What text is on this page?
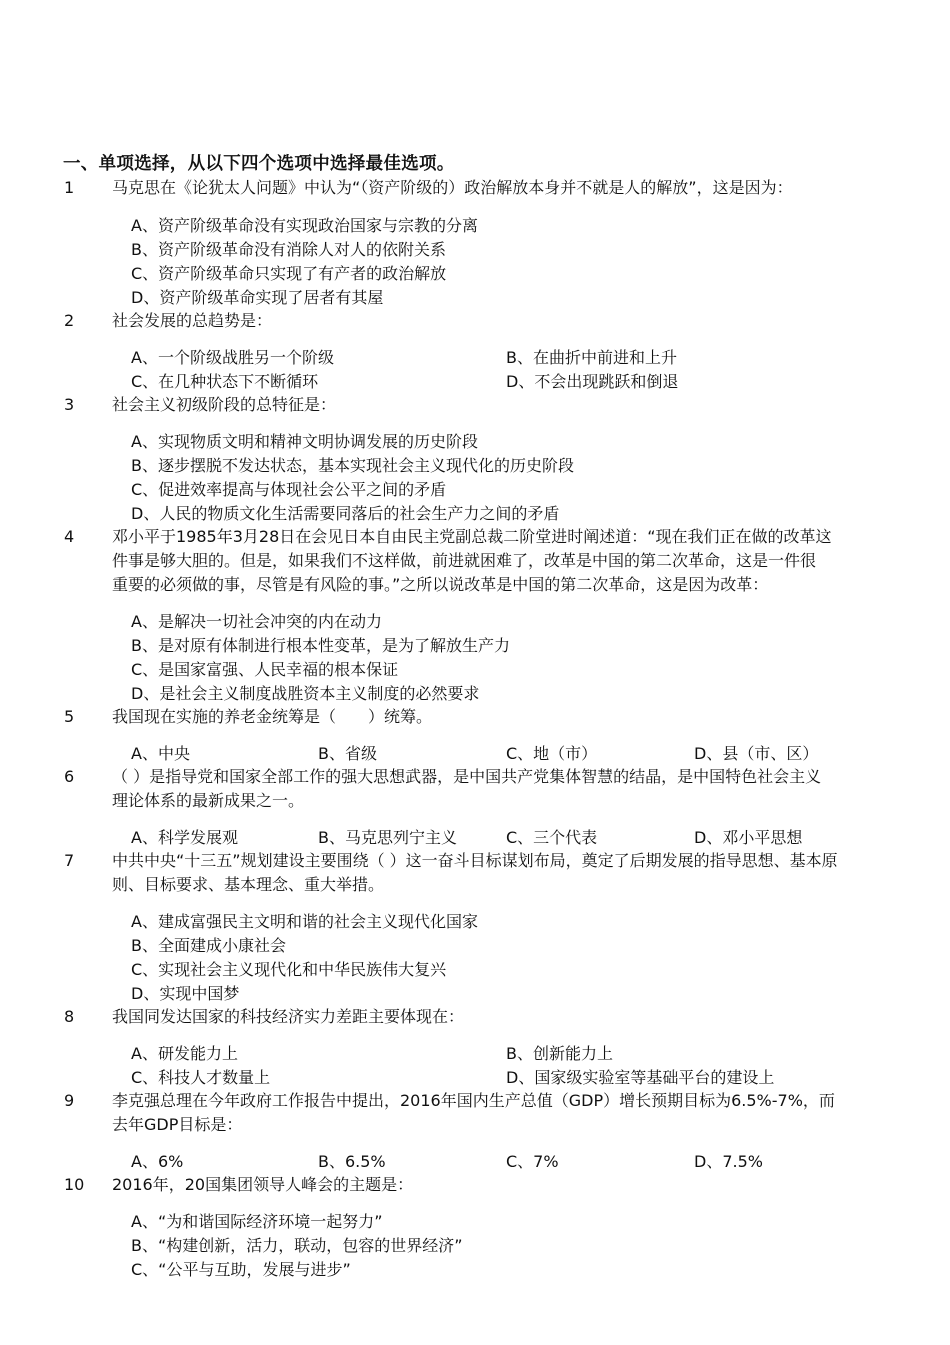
一、单项选择，从以下四个选项中选择最佳选项。
1 马克思在《论犹太人问题》中认为“（资产阶级的）政治解放本身并不就是人的解放”，这是因为：
A、资产阶级革命没有实现政治国家与宗教的分离
B、资产阶级革命没有消除人对人的依附关系
C、资产阶级革命只实现了有产者的政治解放
D、资产阶级革命实现了居者有其屋
2 社会发展的总趋势是：
A、一个阶级战胜另一个阶级	B、在曲折中前进和上升
C、在几种状态下不断循环	D、不会出现跳跃和倒退
3 社会主义初级阶段的总特征是：
A、实现物质文明和精神文明协调发展的历史阶段
B、逐步摆脱不发达状态，基本实现社会主义现代化的历史阶段
C、促进效率提高与体现社会公平之间的矛盾
D、人民的物质文化生活需要同落后的社会生产力之间的矛盾
4 邓小平于1985年3月28日在会见日本自由民主党副总裁二阶堂进时阐述道：“现在我们正在做的改革这
件事是够大胆的。但是，如果我们不这样做，前进就困难了，改革是中国的第二次革命，这是一件很
重要的必须做的事，尽管是有风险的事。”之所以说改革是中国的第二次革命，这是因为改革：
A、是解决一切社会冲突的内在动力
B、是对原有体制进行根本性变革，是为了解放生产力
C、是国家富强、人民幸福的根本保证
D、是社会主义制度战胜资本主义制度的必然要求
5 我国现在实施的养老金统筹是（　　）统筹。
A、中央	B、省级	C、地（市）	D、县（市、区）
6 （ ）是指导党和国家全部工作的强大思想武器，是中国共产党集体智慧的结晶，是中国特色社会主义
理论体系的最新成果之一。
A、科学发展观	B、马克思列宁主义	C、三个代表	D、邓小平思想
7 中共中央“十三五”规划建设主要围绕（ ）这一奋斗目标谋划布局，奠定了后期发展的指导思想、基本原
则、目标要求、基本理念、重大举措。
A、建成富强民主文明和谐的社会主义现代化国家
B、全面建成小康社会
C、实现社会主义现代化和中华民族伟大复兴
D、实现中国梦
8 我国同发达国家的科技经济实力差距主要体现在：
A、研发能力上	B、创新能力上
C、科技人才数量上	D、国家级实验室等基础平台的建设上
9 李克强总理在今年政府工作报告中提出，2016年国内生产总值（GDP）增长预期目标为6.5%-7%，而
去年GDP目标是：
A、6%	B、6.5%	C、7%	D、7.5%
10 2016年，20国集团领导人峰会的主题是：
A、“为和谐国际经济环境一起努力”
B、“构建创新，活力，联动，包容的世界经济”
C、“公平与互助，发展与进步”
